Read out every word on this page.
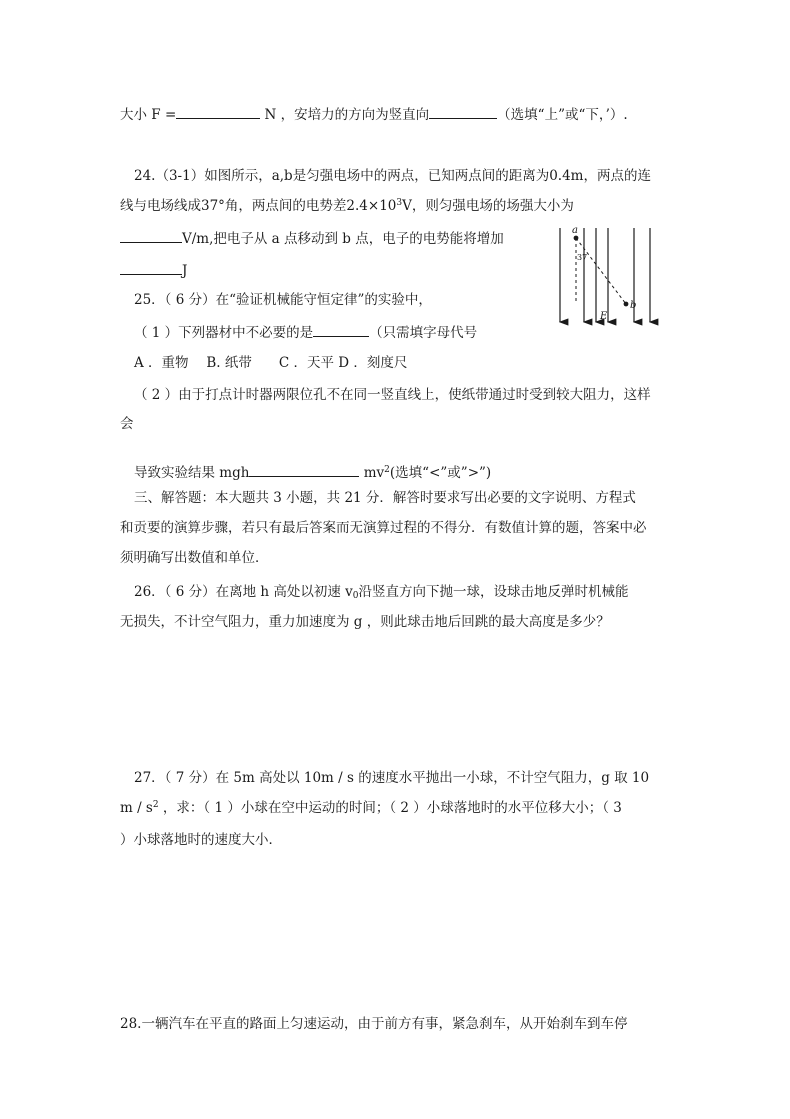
大小 F =	N ，安培力的方向为竖直向	（选填“上”或“下，’）.
24.（3-1）如图所示，a,b是匀强电场中的两点，已知两点间的距离为0.4m，两点的连
线与电场线成37°角，两点间的电势差$2.4\times 10^3V$，则匀强电场的场强大小为
V/m,把电子从 a 点移动到 b 点，电子的电势能将增加
J
a
b
37
E
25．（ 6 分）在“验证机械能守恒定律”的实验中，
（ 1 ）下列器材中不必要的是	（只需填字母代号
A ．重物　 B. 纸带　　C ．天平 D ．刻度尺
（ 2 ）由于打点计时器两限位孔不在同一竖直线上，使纸带通过时受到较大阻力，这样
会
导致实验结果 mgh	$mv^2$(选填“<”或”>”)
三、解答题：本大题共 3 小题，共 21 分．解答时要求写出必要的文字说明、方程式
和贡要的演算步骤，若只有最后答案而无演算过程的不得分．有数值计算的题，答案中必
须明确写出数值和单位．
26．（ 6 分）在离地 h 高处以初速 $v_0$沿竖直方向下抛一球，设球击地反弹时机械能
无损失，不计空气阻力，重力加速度为 g ，则此球击地后回跳的最大高度是多少？
27．（ 7 分）在 5m 高处以 10m / s 的速度水平抛出一小球，不计空气阻力，g 取 10
m / $s^2$ ，求：（ 1 ）小球在空中运动的时间；（ 2 ）小球落地时的水平位移大小；（ 3
）小球落地时的速度大小．
28.一辆汽车在平直的路面上匀速运动，由于前方有事，紧急刹车，从开始刹车到车停
